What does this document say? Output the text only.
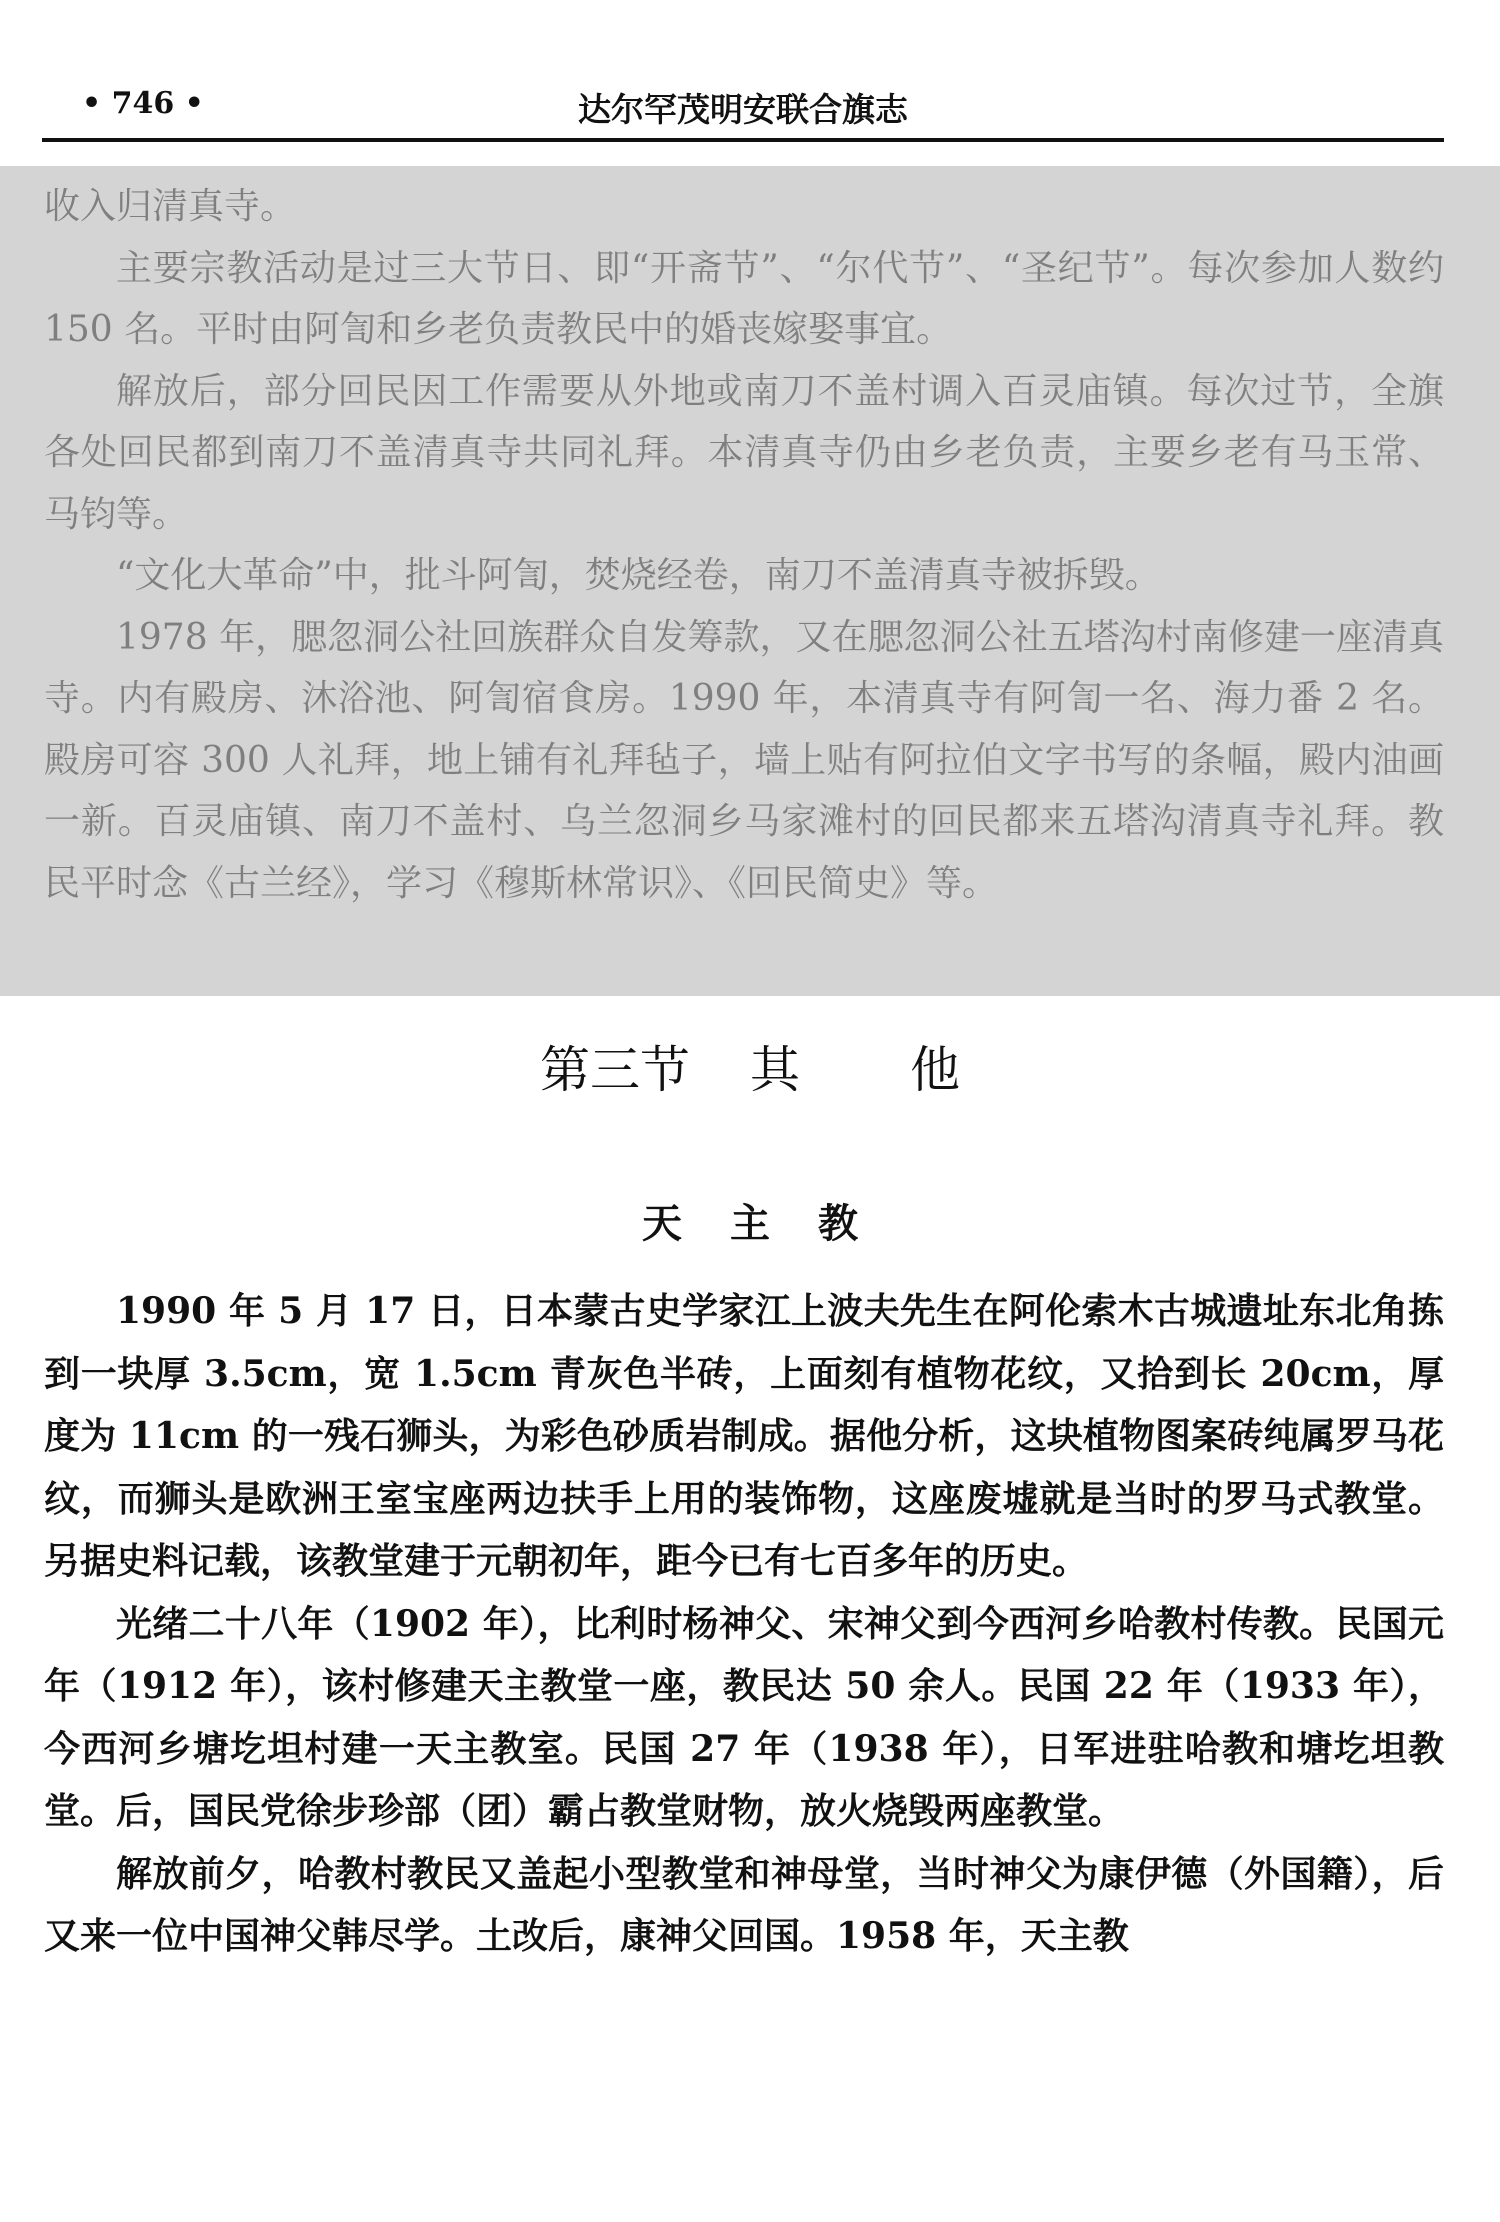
• 746 •	达尔罕茂明安联合旗志

收入归清真寺。

主要宗教活动是过三大节日、即“开斋节”、“尔代节”、“圣纪节”。每次参加人数约 150 名。平时由阿訇和乡老负责教民中的婚丧嫁娶事宜。

解放后，部分回民因工作需要从外地或南刀不盖村调入百灵庙镇。每次过节，全旗各处回民都到南刀不盖清真寺共同礼拜。本清真寺仍由乡老负责，主要乡老有马玉常、马钧等。

“文化大革命”中，批斗阿訇，焚烧经卷，南刀不盖清真寺被拆毁。

1978 年，腮忽洞公社回族群众自发筹款，又在腮忽洞公社五塔沟村南修建一座清真寺。内有殿房、沐浴池、阿訇宿食房。1990 年，本清真寺有阿訇一名、海力番 2 名。殿房可容 300 人礼拜，地上铺有礼拜毡子，墙上贴有阿拉伯文字书写的条幅，殿内油画一新。百灵庙镇、南刀不盖村、乌兰忽洞乡马家滩村的回民都来五塔沟清真寺礼拜。教民平时念《古兰经》，学习《穆斯林常识》、《回民简史》等。

第三节 其 他
天主教

1990 年 5 月 17 日，日本蒙古史学家江上波夫先生在阿伦索木古城遗址东北角拣到一块厚 3.5cm，宽 1.5cm 青灰色半砖，上面刻有植物花纹，又拾到长 20cm，厚度为 11cm 的一残石狮头，为彩色砂质岩制成。据他分析，这块植物图案砖纯属罗马花纹，而狮头是欧洲王室宝座两边扶手上用的装饰物，这座废墟就是当时的罗马式教堂。另据史料记载，该教堂建于元朝初年，距今已有七百多年的历史。

光绪二十八年（1902 年），比利时杨神父、宋神父到今西河乡哈教村传教。民国元年（1912 年），该村修建天主教堂一座，教民达 50 余人。民国 22 年（1933 年），今西河乡塘圪坦村建一天主教室。民国 27 年（1938 年），日军进驻哈教和塘圪坦教堂。后，国民党徐步珍部（团）霸占教堂财物，放火烧毁两座教堂。

解放前夕，哈教村教民又盖起小型教堂和神母堂，当时神父为康伊德（外国籍），后又来一位中国神父韩尽学。土改后，康神父回国。1958 年，天主教
